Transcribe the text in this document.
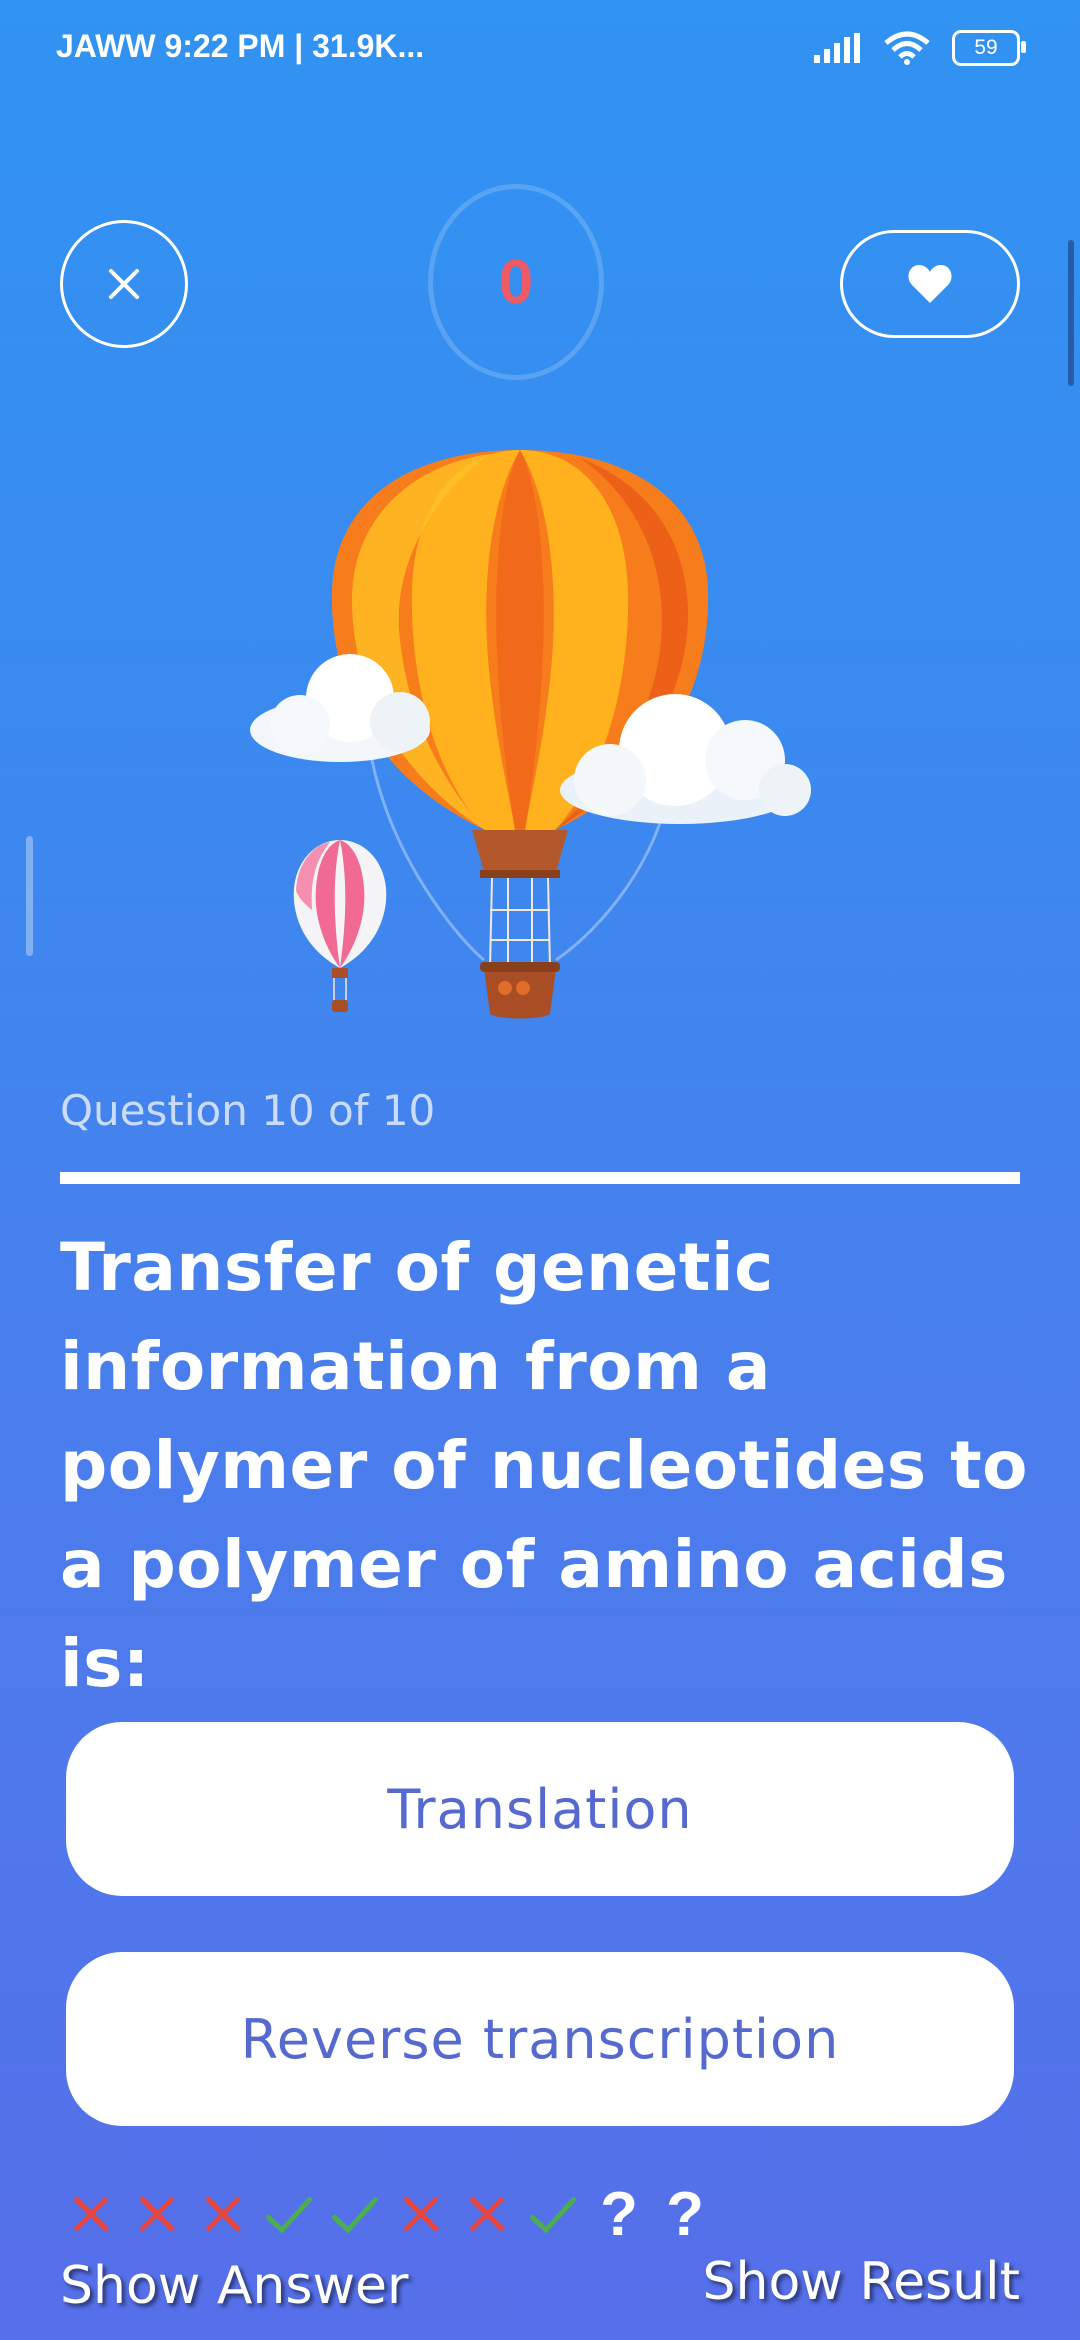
JAWW 9:22 PM | 31.9K...	59
0
Question 10 of 10
Transfer of genetic information from a polymer of nucleotides to a polymer of amino acids is:
Translation
Reverse transcription
? ?
Show Answer	Show Result
